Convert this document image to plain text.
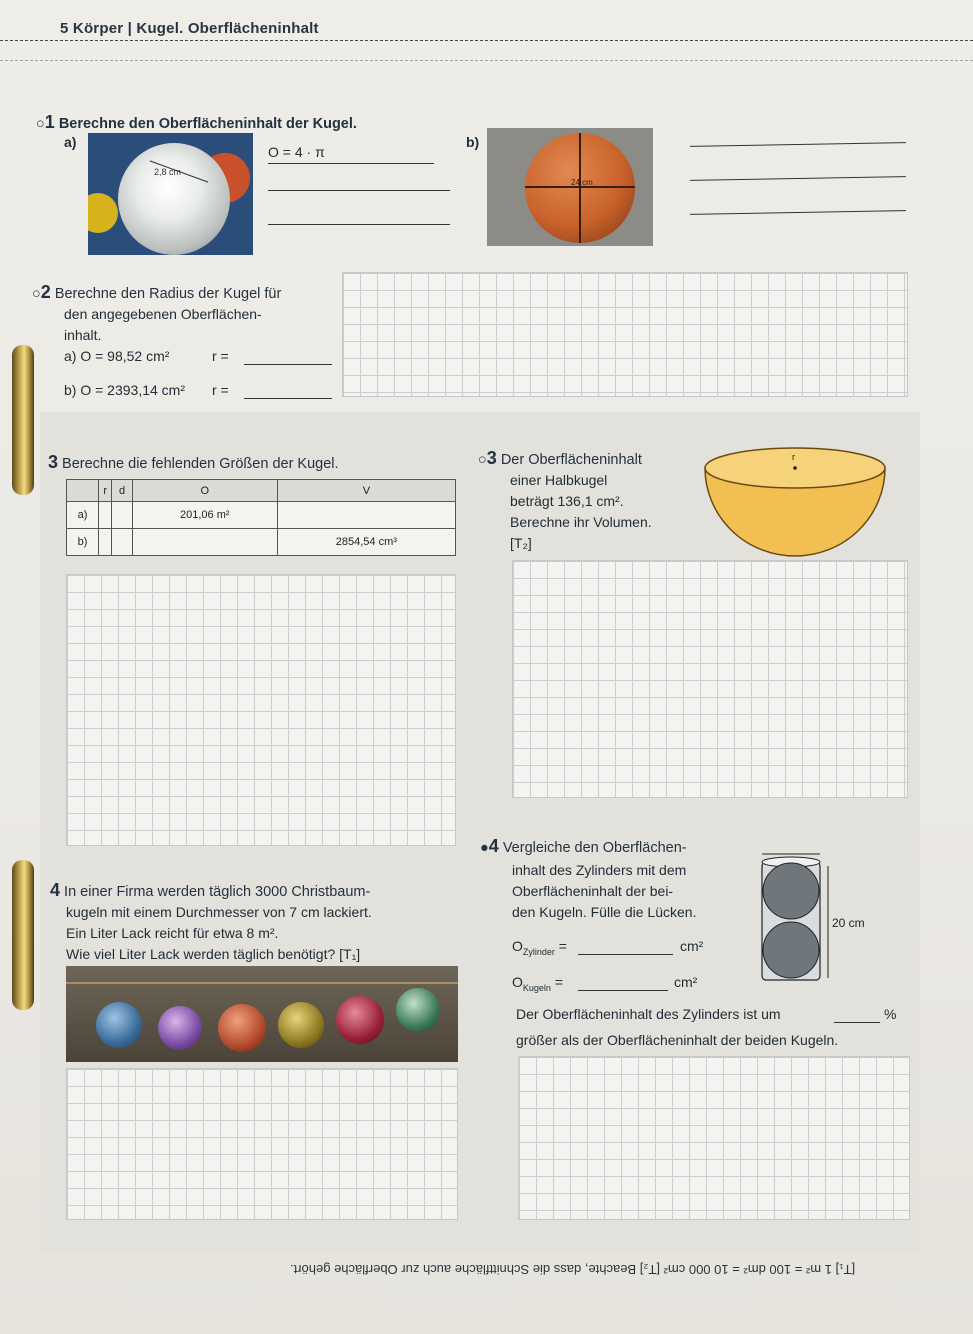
5 Körper | Kugel. Oberflächeninhalt
○1 Berechne den Oberflächeninhalt der Kugel.
a)
2,8 cm
O = 4 · π
b)
24 cm
○2 Berechne den Radius der Kugel für
den angegebenen Oberflächen-
inhalt.
a) O = 98,52 cm²	r =
b) O = 2393,14 cm² r =
3 Berechne die fehlenden Größen der Kugel.
	r	d	O	V
a)			201,06 m²	
b)				2854,54 cm³
○3 Der Oberflächeninhalt
einer Halbkugel
beträgt 136,1 cm².
Berechne ihr Volumen.
[T₂]
r
4 In einer Firma werden täglich 3000 Christbaum-
kugeln mit einem Durchmesser von 7 cm lackiert.
Ein Liter Lack reicht für etwa 8 m².
Wie viel Liter Lack werden täglich benötigt? [T₁]
●4 Vergleiche den Oberflächen-
inhalt des Zylinders mit dem
Oberflächeninhalt der bei-
den Kugeln. Fülle die Lücken.
$O_{Zylinder}$ =	cm²
$O_{Kugeln}$ =	cm²
20 cm
Der Oberflächeninhalt des Zylinders ist um	%
größer als der Oberflächeninhalt der beiden Kugeln.
[T₁] 1 m² = 100 dm² = 10 000 cm² [T₂] Beachte, dass die Schnittfläche auch zur Oberfläche gehört.
